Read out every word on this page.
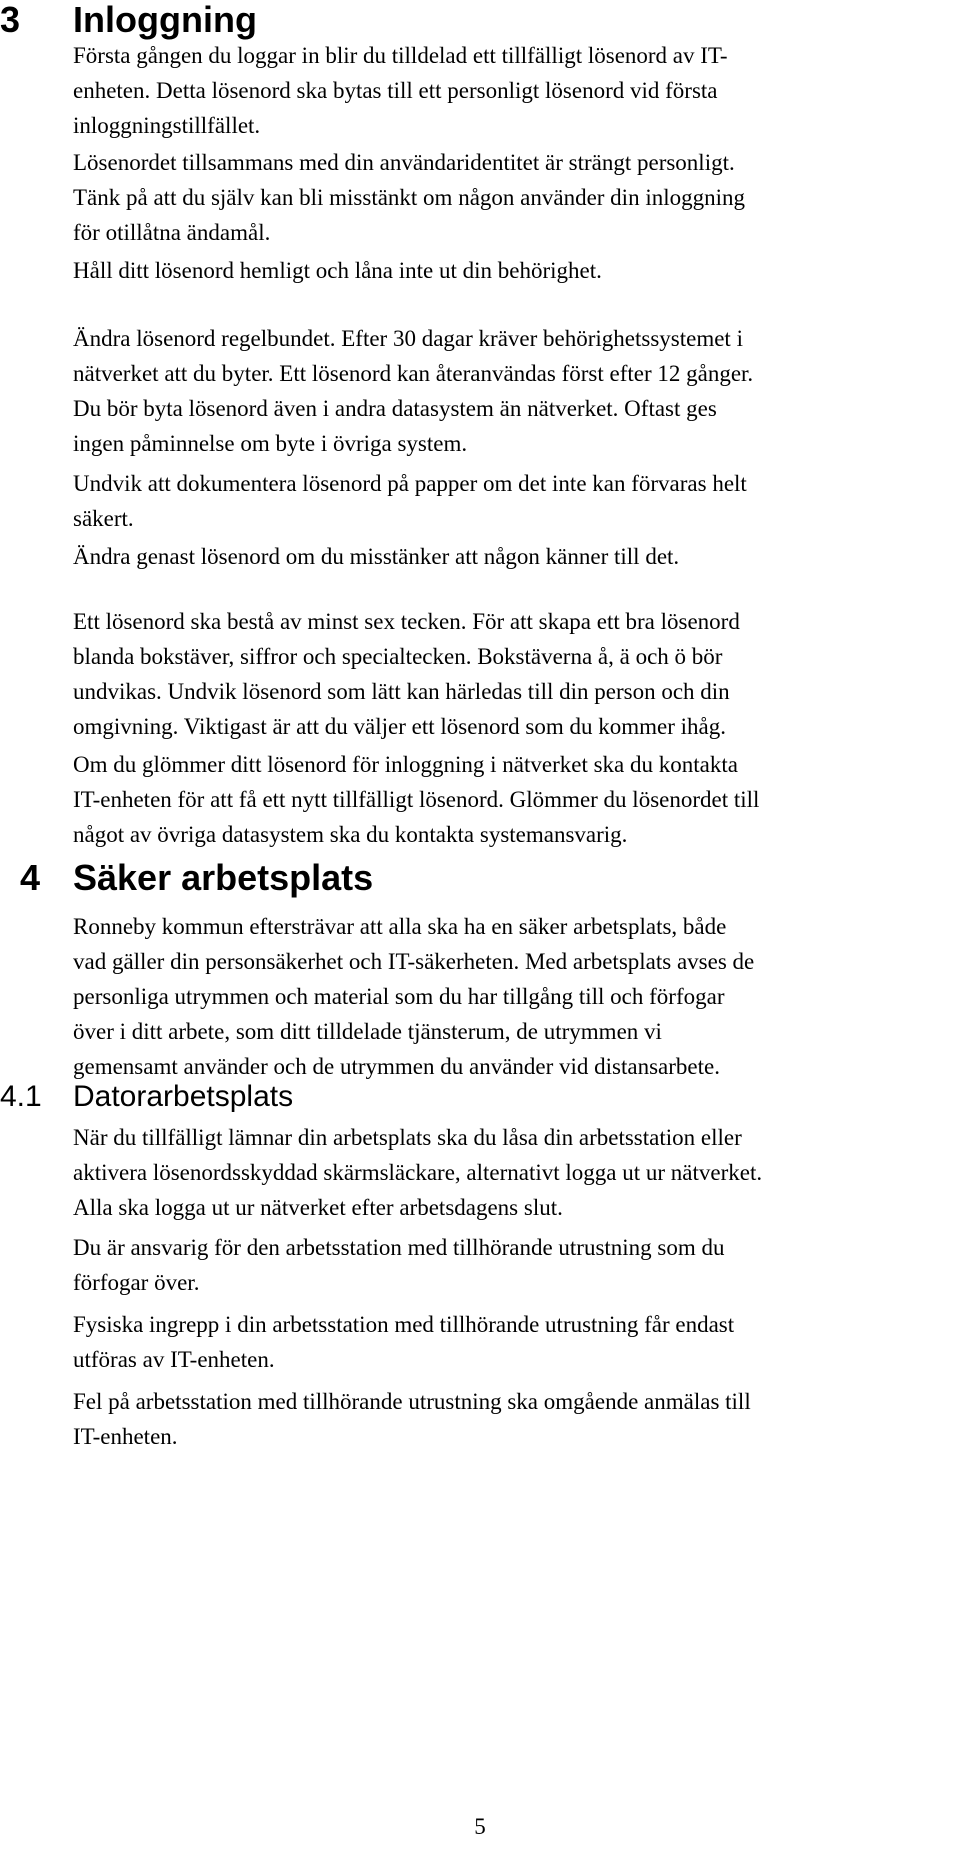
3	Inloggning
Första gången du loggar in blir du tilldelad ett tillfälligt lösenord av IT-
enheten. Detta lösenord ska bytas till ett personligt lösenord vid första
inloggningstillfället.
Lösenordet tillsammans med din användaridentitet är strängt personligt.
Tänk på att du själv kan bli misstänkt om någon använder din inloggning
för otillåtna ändamål.
Håll ditt lösenord hemligt och låna inte ut din behörighet.
Ändra lösenord regelbundet. Efter 30 dagar kräver behörighetssystemet i
nätverket att du byter. Ett lösenord kan återanvändas först efter 12 gånger.
Du bör byta lösenord även i andra datasystem än nätverket. Oftast ges
ingen påminnelse om byte i övriga system.
Undvik att dokumentera lösenord på papper om det inte kan förvaras helt
säkert.
Ändra genast lösenord om du misstänker att någon känner till det.
Ett lösenord ska bestå av minst sex tecken. För att skapa ett bra lösenord
blanda bokstäver, siffror och specialtecken. Bokstäverna å, ä och ö bör
undvikas. Undvik lösenord som lätt kan härledas till din person och din
omgivning. Viktigast är att du väljer ett lösenord som du kommer ihåg.
Om du glömmer ditt lösenord för inloggning i nätverket ska du kontakta
IT-enheten för att få ett nytt tillfälligt lösenord. Glömmer du lösenordet till
något av övriga datasystem ska du kontakta systemansvarig.
4 Säker arbetsplats
Ronneby kommun eftersträvar att alla ska ha en säker arbetsplats, både
vad gäller din personsäkerhet och IT-säkerheten. Med arbetsplats avses de
personliga utrymmen och material som du har tillgång till och förfogar
över i ditt arbete, som ditt tilldelade tjänsterum, de utrymmen vi
gemensamt använder och de utrymmen du använder vid distansarbete.
4.1 Datorarbetsplats
När du tillfälligt lämnar din arbetsplats ska du låsa din arbetsstation eller
aktivera lösenordsskyddad skärmsläckare, alternativt logga ut ur nätverket.
Alla ska logga ut ur nätverket efter arbetsdagens slut.
Du är ansvarig för den arbetsstation med tillhörande utrustning som du
förfogar över.
Fysiska ingrepp i din arbetsstation med tillhörande utrustning får endast
utföras av IT-enheten.
Fel på arbetsstation med tillhörande utrustning ska omgående anmälas till
IT-enheten.
5
